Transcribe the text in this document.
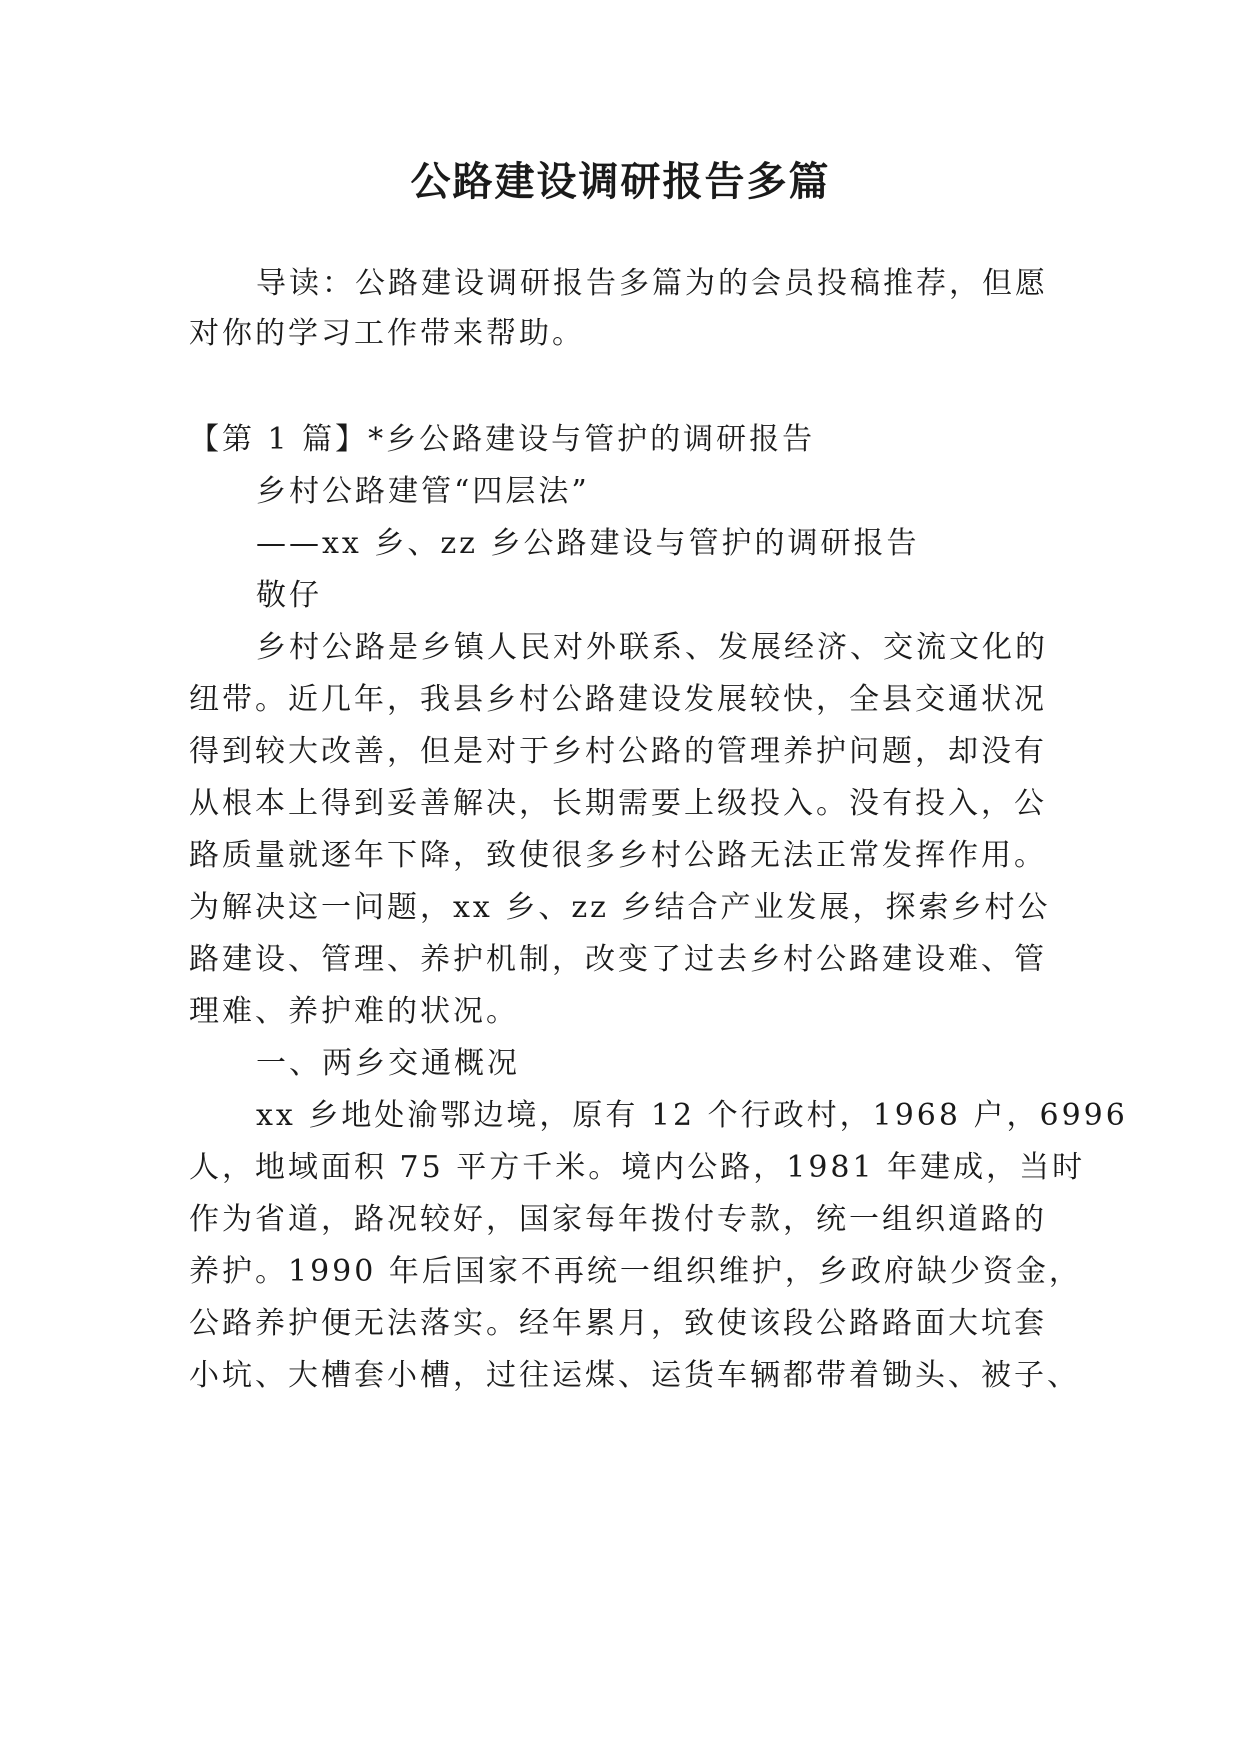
公路建设调研报告多篇
导读：公路建设调研报告多篇为的会员投稿推荐，但愿
对你的学习工作带来帮助。
【第 1 篇】*乡公路建设与管护的调研报告
乡村公路建管“四层法”
——xx 乡、zz 乡公路建设与管护的调研报告
敬仔
乡村公路是乡镇人民对外联系、发展经济、交流文化的
纽带。近几年，我县乡村公路建设发展较快，全县交通状况
得到较大改善，但是对于乡村公路的管理养护问题，却没有
从根本上得到妥善解决，长期需要上级投入。没有投入，公
路质量就逐年下降，致使很多乡村公路无法正常发挥作用。
为解决这一问题，xx 乡、zz 乡结合产业发展，探索乡村公
路建设、管理、养护机制，改变了过去乡村公路建设难、管
理难、养护难的状况。
一、两乡交通概况
xx 乡地处渝鄂边境，原有 12 个行政村，1968 户，6996
人，地域面积 75 平方千米。境内公路，1981 年建成，当时
作为省道，路况较好，国家每年拨付专款，统一组织道路的
养护。1990 年后国家不再统一组织维护，乡政府缺少资金，
公路养护便无法落实。经年累月，致使该段公路路面大坑套
小坑、大槽套小槽，过往运煤、运货车辆都带着锄头、被子、
